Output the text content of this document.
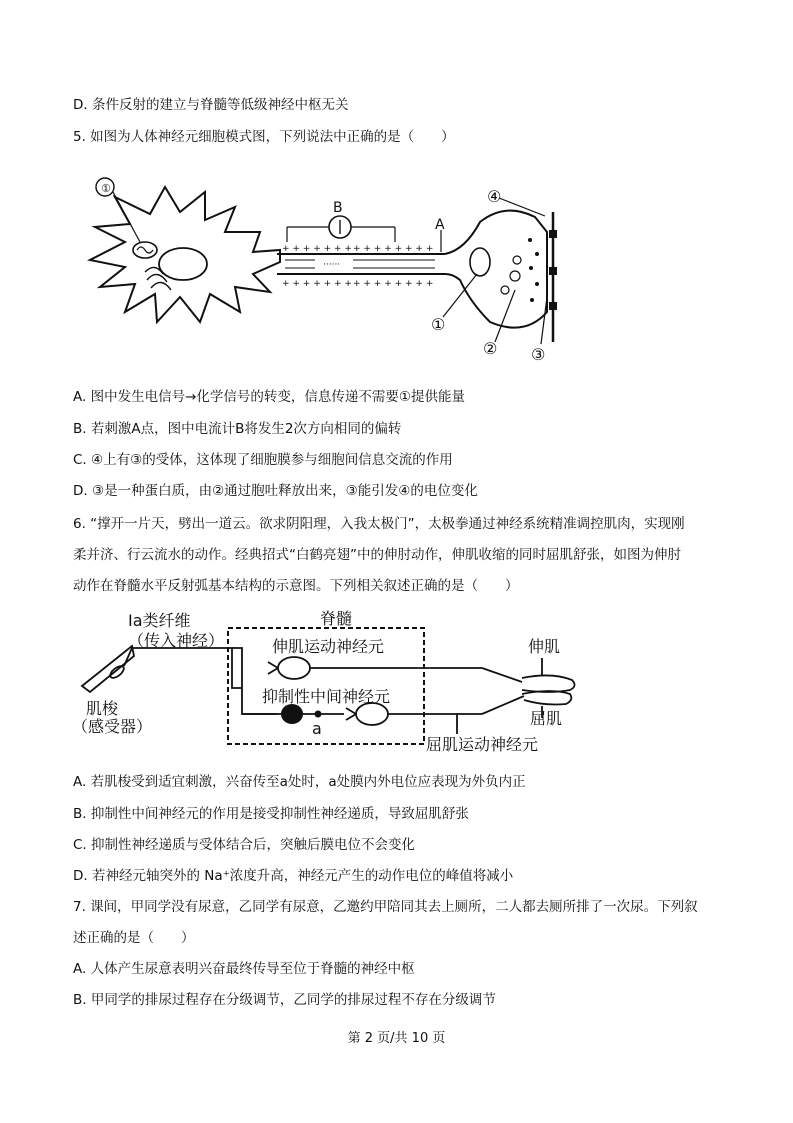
D. 条件反射的建立与脊髓等低级神经中枢无关
5. 如图为人体神经元细胞模式图，下列说法中正确的是（　　）
+ + + + + + + + + + + + + + +
+ + + + + + + + + + + + + + +
······
①
B
A
④
①
② ③
A. 图中发生电信号→化学信号的转变，信息传递不需要①提供能量
B. 若刺激A点，图中电流计B将发生2次方向相同的偏转
C. ④上有③的受体，这体现了细胞膜参与细胞间信息交流的作用
D. ③是一种蛋白质，由②通过胞吐释放出来，③能引发④的电位变化
6. “撑开一片天，劈出一道云。欲求阴阳理，入我太极门”，太极拳通过神经系统精准调控肌肉，实现刚
柔并济、行云流水的动作。经典招式“白鹤亮翅”中的伸肘动作，伸肌收缩的同时屈肌舒张，如图为伸肘
动作在脊髓水平反射弧基本结构的示意图。下列相关叙述正确的是（　　）
Ia类纤维
（传入神经）
脊髓
伸肌运动神经元	伸肌
抑制性中间神经元
屈肌
肌梭
（感受器）	a
屈肌运动神经元
A. 若肌梭受到适宜刺激，兴奋传至a处时，a处膜内外电位应表现为外负内正
B. 抑制性中间神经元的作用是接受抑制性神经递质，导致屈肌舒张
C. 抑制性神经递质与受体结合后，突触后膜电位不会变化
D. 若神经元轴突外的 Na⁺浓度升高，神经元产生的动作电位的峰值将减小
7. 课间，甲同学没有尿意，乙同学有尿意，乙邀约甲陪同其去上厕所，二人都去厕所排了一次尿。下列叙
述正确的是（　　）
A. 人体产生尿意表明兴奋最终传导至位于脊髓的神经中枢
B. 甲同学的排尿过程存在分级调节，乙同学的排尿过程不存在分级调节
第 2 页/共 10 页
